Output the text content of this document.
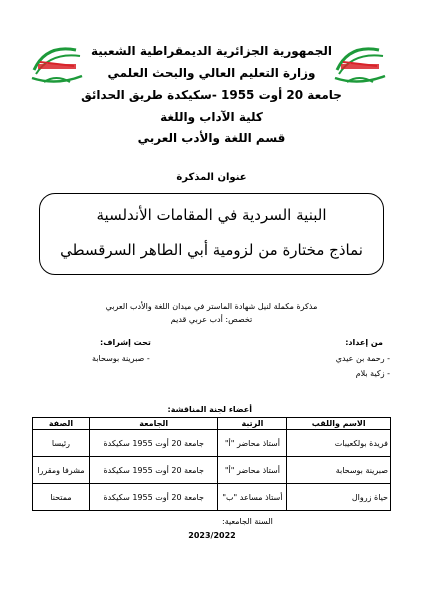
الجمهورية الجزائرية الديمقراطية الشعبية
وزارة التعليم العالي والبحث العلمي
جامعة 20 أوت 1955 -سكيكدة طريق الحدائق
كلية الآداب واللغة
قسم اللغة والأدب العربي
عنوان المذكرة
البنية السردية في المقامات الأندلسية
نماذج مختارة من لزومية أبي الطاهر السرقسطي
مذكرة مكملة لنيل شهادة الماستر في ميدان اللغة والأدب العربي
تخصص: أدب عربي قديم
من إعداد:
- رحمة بن عيدي
- زكية بلام
تحت إشراف:
- صبرينة بوسحابة
أعضاء لجنة المناقشة:
الاسم واللقب	الرتبة	الجامعة	الصفة
فريدة بولكعيبات	أستاذ محاضر "أ"	جامعة 20 أوت 1955 سكيكدة	رئيسا
صبرينة بوسحابة	أستاذ محاضر "أ"	جامعة 20 أوت 1955 سكيكدة	مشرفا ومقررا
حياة زروال	أستاذ مساعد "ب"	جامعة 20 أوت 1955 سكيكدة	ممتحنا
السنة الجامعية:
2023/2022
